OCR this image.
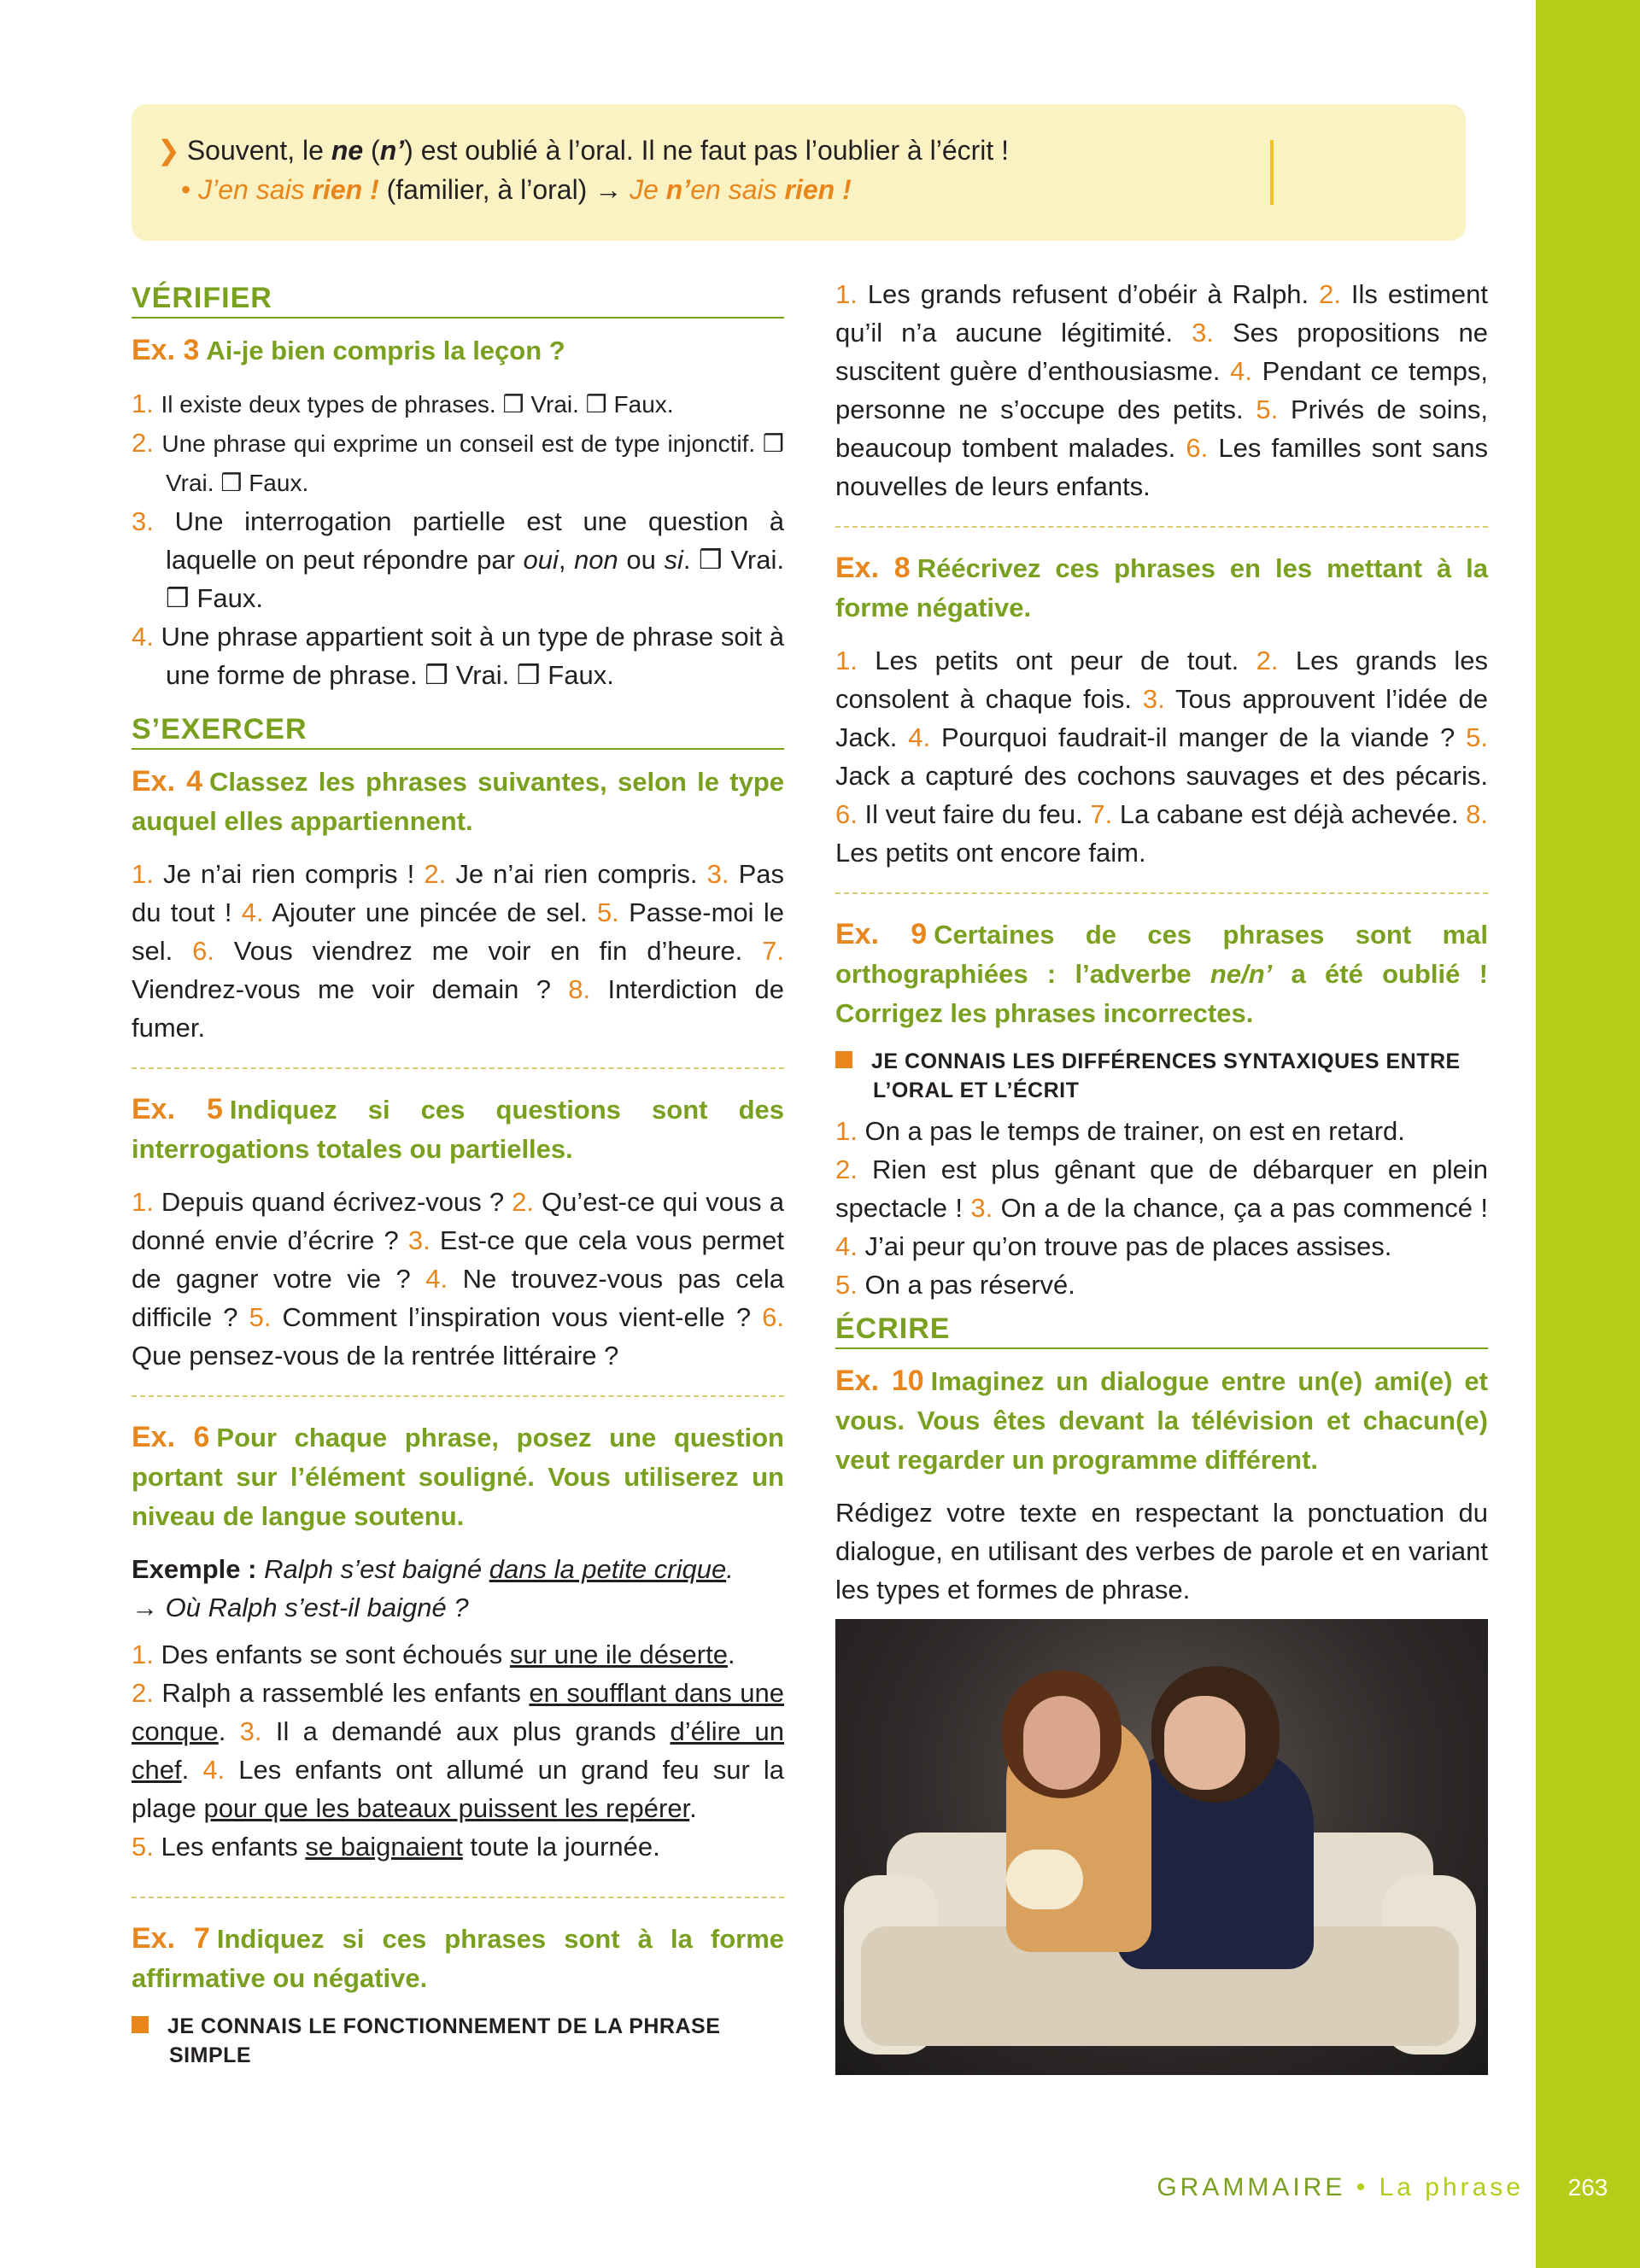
263
GRAMMAIRE • La phrase
❯ Souvent, le ne (n’) est oublié à l’oral. Il ne faut pas l’oublier à l’écrit !
• J’en sais rien ! (familier, à l’oral) → Je n’en sais rien !
VÉRIFIER
Ex. 3 Ai-je bien compris la leçon ?

1. Il existe deux types de phrases. ❒ Vrai. ❒ Faux.

2. Une phrase qui exprime un conseil est de type injonctif. ❒ Vrai. ❒ Faux.

3. Une interrogation partielle est une question à laquelle on peut répondre par oui, non ou si. ❒ Vrai. ❒ Faux.

4. Une phrase appartient soit à un type de phrase soit à une forme de phrase. ❒ Vrai. ❒ Faux.

S’EXERCER
Ex. 4 Classez les phrases suivantes, selon le type auquel elles appartiennent.

1. Je n’ai rien compris ! 2. Je n’ai rien compris. 3. Pas du tout ! 4. Ajouter une pincée de sel. 5. Passe-moi le sel. 6. Vous viendrez me voir en fin d’heure. 7. Viendrez-vous me voir demain ? 8. Interdiction de fumer.

Ex. 5 Indiquez si ces questions sont des interrogations totales ou partielles.

1. Depuis quand écrivez-vous ? 2. Qu’est-ce qui vous a donné envie d’écrire ? 3. Est-ce que cela vous permet de gagner votre vie ? 4. Ne trouvez-vous pas cela difficile ? 5. Comment l’inspiration vous vient-elle ? 6. Que pensez-vous de la rentrée littéraire ?

Ex. 6 Pour chaque phrase, posez une question portant sur l’élément souligné. Vous utiliserez un niveau de langue soutenu.

Exemple : Ralph s’est baigné dans la petite crique.
→ Où Ralph s’est-il baigné ?

1. Des enfants se sont échoués sur une ile déserte.
2. Ralph a rassemblé les enfants en soufflant dans une conque. 3. Il a demandé aux plus grands d’élire un chef. 4. Les enfants ont allumé un grand feu sur la plage pour que les bateaux puissent les repérer.
5. Les enfants se baignaient toute la journée.

Ex. 7 Indiquez si ces phrases sont à la forme affirmative ou négative.

JE CONNAIS LE FONCTIONNEMENT DE LA PHRASE SIMPLE

1. Les grands refusent d’obéir à Ralph. 2. Ils estiment qu’il n’a aucune légitimité. 3. Ses propositions ne suscitent guère d’enthousiasme. 4. Pendant ce temps, personne ne s’occupe des petits. 5. Privés de soins, beaucoup tombent malades. 6. Les familles sont sans nouvelles de leurs enfants.

Ex. 8 Réécrivez ces phrases en les mettant à la forme négative.

1. Les petits ont peur de tout. 2. Les grands les consolent à chaque fois. 3. Tous approuvent l’idée de Jack. 4. Pourquoi faudrait-il manger de la viande ? 5. Jack a capturé des cochons sauvages et des pécaris. 6. Il veut faire du feu. 7. La cabane est déjà achevée. 8. Les petits ont encore faim.

Ex. 9 Certaines de ces phrases sont mal orthographiées : l’adverbe ne/n’ a été oublié ! Corrigez les phrases incorrectes.

JE CONNAIS LES DIFFÉRENCES SYNTAXIQUES ENTRE L’ORAL ET L’ÉCRIT

1. On a pas le temps de trainer, on est en retard.
2. Rien est plus gênant que de débarquer en plein spectacle ! 3. On a de la chance, ça a pas commencé ! 4. J’ai peur qu’on trouve pas de places assises.
5. On a pas réservé.

ÉCRIRE
Ex. 10 Imaginez un dialogue entre un(e) ami(e) et vous. Vous êtes devant la télévision et chacun(e) veut regarder un programme différent.

Rédigez votre texte en respectant la ponctuation du dialogue, en utilisant des verbes de parole et en variant les types et formes de phrase.
